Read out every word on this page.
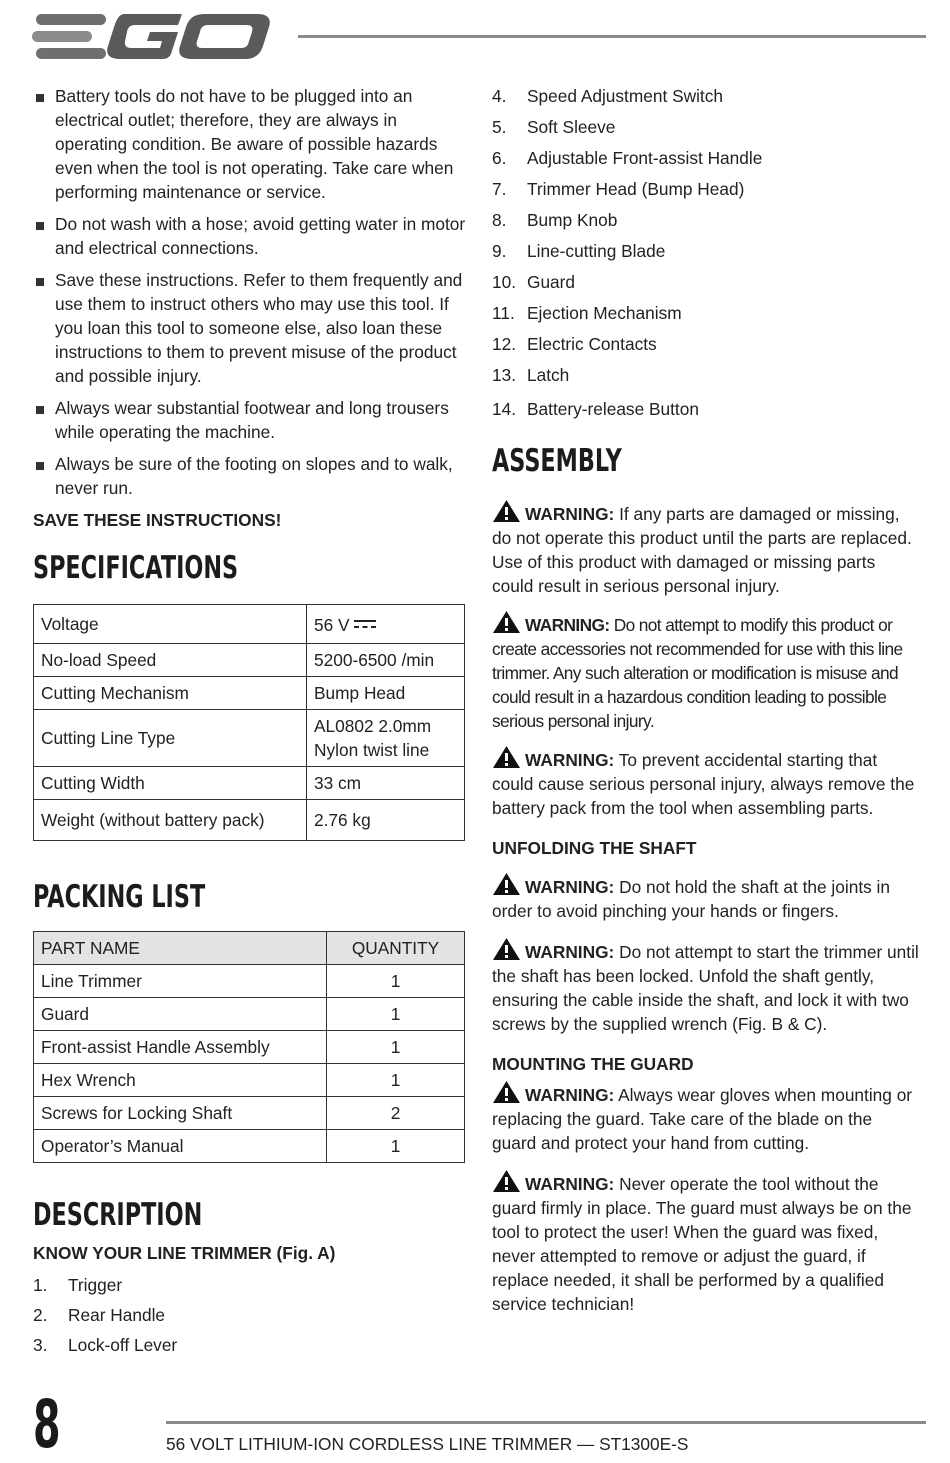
Battery tools do not have to be plugged into an electrical outlet; therefore, they are always in operating condition. Be aware of possible hazards even when the tool is not operating. Take care when performing maintenance or service.
Do not wash with a hose; avoid getting water in motor and electrical connections.
Save these instructions. Refer to them frequently and use them to instruct others who may use this tool. If you loan this tool to someone else, also loan these instructions to them to prevent misuse of the product and possible injury.
Always wear substantial footwear and long trousers while operating the machine.
Always be sure of the footing on slopes and to walk, never run.

SAVE THESE INSTRUCTIONS!

SPECIFICATIONS
Voltage	56 V
No-load Speed	5200-6500 /min
Cutting Mechanism	Bump Head
Cutting Line Type	AL0802 2.0mm
Nylon twist line

Cutting Width	33 cm
Weight (without battery pack)	2.76 kg
PACKING LIST
PART NAME	QUANTITY
Line Trimmer	1
Guard	1
Front-assist Handle Assembly	1
Hex Wrench	1
Screws for Locking Shaft	2
Operator’s Manual	1
DESCRIPTION

KNOW YOUR LINE TRIMMER (Fig. A)

1.	Trigger
2.	Rear Handle
3.	Lock-off Lever
4.	Speed Adjustment Switch
5.	Soft Sleeve
6.	Adjustable Front-assist Handle
7.	Trimmer Head (Bump Head)
8.	Bump Knob
9.	Line-cutting Blade
10. Guard
11. Ejection Mechanism
12. Electric Contacts
13. Latch
14. Battery-release Button
ASSEMBLY

WARNING: If any parts are damaged or missing, do not operate this product until the parts are replaced. Use of this product with damaged or missing parts could result in serious personal injury.

WARNING: Do not attempt to modify this product or create accessories not recommended for use with this line trimmer. Any such alteration or modification is misuse and could result in a hazardous condition leading to possible serious personal injury.

WARNING: To prevent accidental starting that could cause serious personal injury, always remove the battery pack from the tool when assembling parts.

UNFOLDING THE SHAFT

WARNING: Do not hold the shaft at the joints in order to avoid pinching your hands or fingers.

WARNING: Do not attempt to start the trimmer until the shaft has been locked. Unfold the shaft gently, ensuring the cable inside the shaft, and lock it with two screws by the supplied wrench (Fig. B & C).

MOUNTING THE GUARD

WARNING: Always wear gloves when mounting or replacing the guard. Take care of the blade on the guard and protect your hand from cutting.

WARNING: Never operate the tool without the guard firmly in place. The guard must always be on the tool to protect the user! When the guard was fixed, never attempted to remove or adjust the guard, if replace needed, it shall be performed by a qualified service technician!

8	56 VOLT LITHIUM-ION CORDLESS LINE TRIMMER — ST1300E-S
